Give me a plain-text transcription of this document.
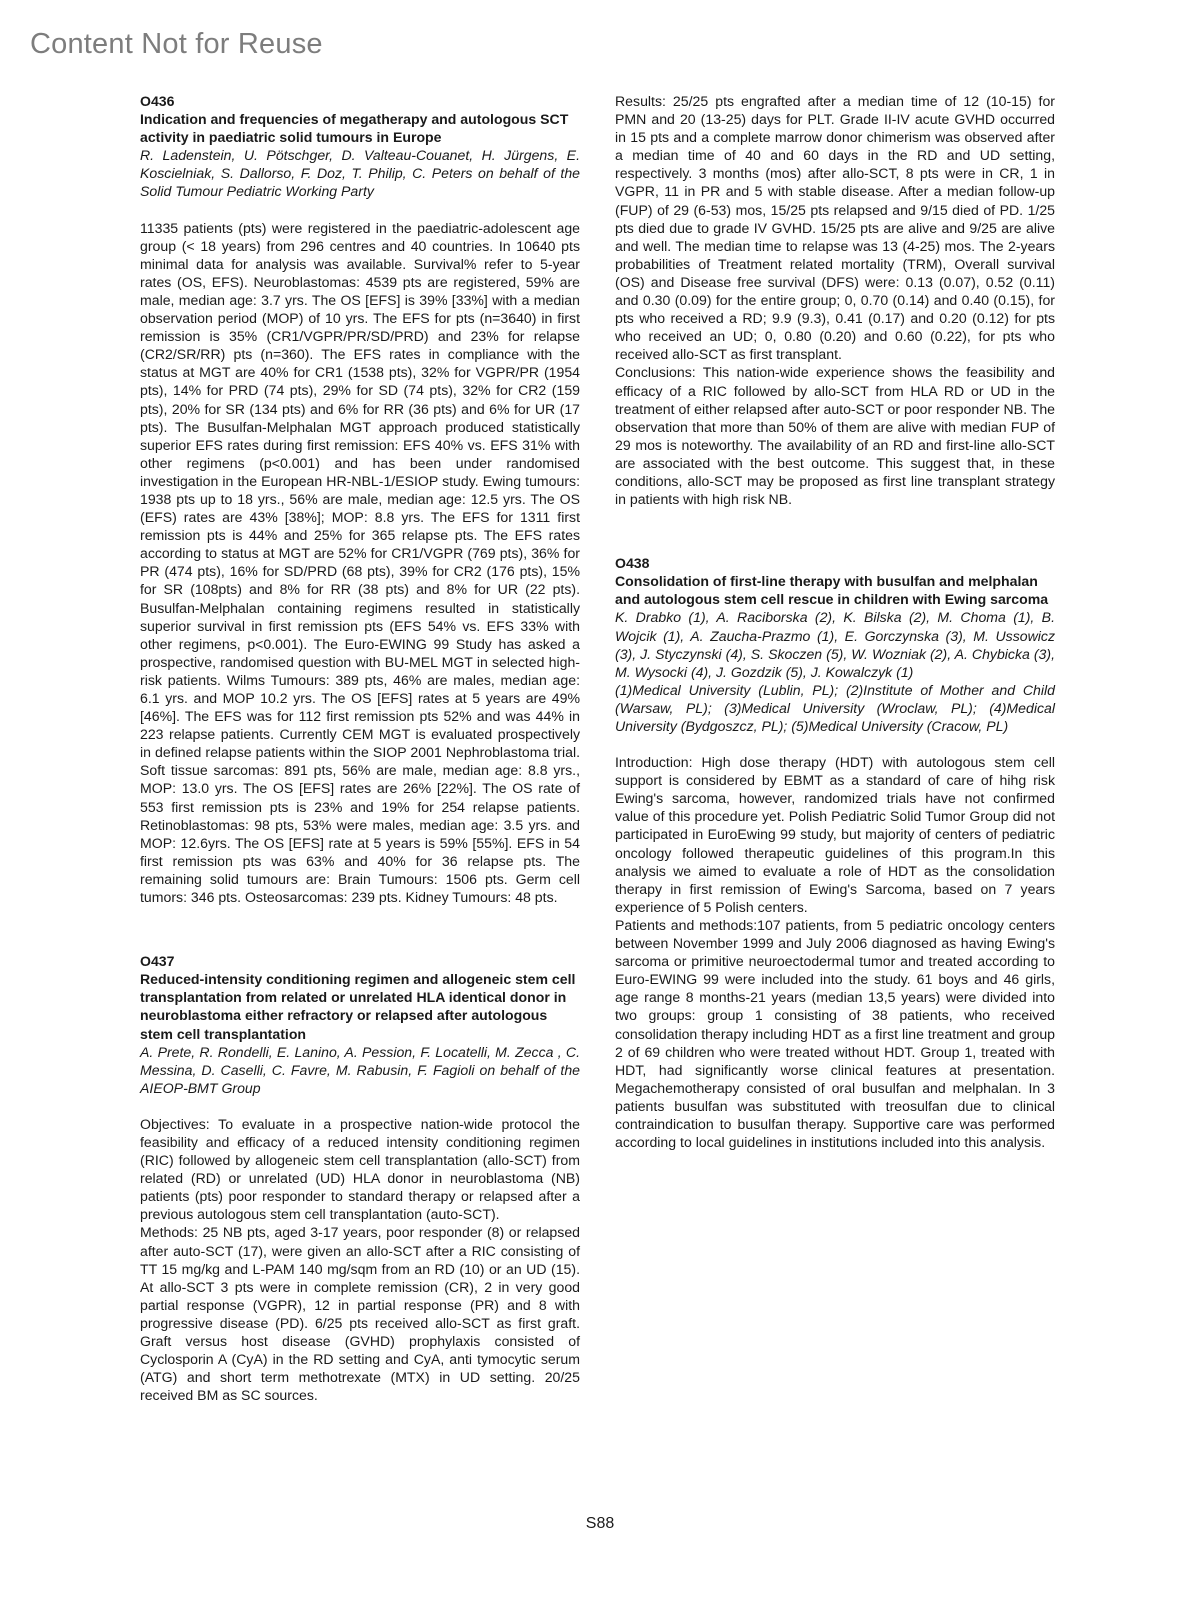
Content Not for Reuse

O436

Indication and frequencies of megatherapy and autologous SCT activity in paediatric solid tumours in Europe

R. Ladenstein, U. Pötschger, D. Valteau-Couanet, H. Jürgens, E. Koscielniak, S. Dallorso, F. Doz, T. Philip, C. Peters on behalf of the Solid Tumour Pediatric Working Party

11335 patients (pts) were registered in the paediatric-adolescent age group (< 18 years) from 296 centres and 40 countries. In 10640 pts minimal data for analysis was available. Survival% refer to 5-year rates (OS, EFS). Neuroblastomas: 4539 pts are registered, 59% are male, median age: 3.7 yrs. The OS [EFS] is 39% [33%] with a median observation period (MOP) of 10 yrs. The EFS for pts (n=3640) in first remission is 35% (CR1/VGPR/PR/SD/PRD) and 23% for relapse (CR2/SR/RR) pts (n=360). The EFS rates in compliance with the status at MGT are 40% for CR1 (1538 pts), 32% for VGPR/PR (1954 pts), 14% for PRD (74 pts), 29% for SD (74 pts), 32% for CR2 (159 pts), 20% for SR (134 pts) and 6% for RR (36 pts) and 6% for UR (17 pts). The Busulfan-Melphalan MGT approach produced statistically superior EFS rates during first remission: EFS 40% vs. EFS 31% with other regimens (p<0.001) and has been under randomised investigation in the European HR-NBL-1/ESIOP study. Ewing tumours: 1938 pts up to 18 yrs., 56% are male, median age: 12.5 yrs. The OS (EFS) rates are 43% [38%]; MOP: 8.8 yrs. The EFS for 1311 first remission pts is 44% and 25% for 365 relapse pts. The EFS rates according to status at MGT are 52% for CR1/VGPR (769 pts), 36% for PR (474 pts), 16% for SD/PRD (68 pts), 39% for CR2 (176 pts), 15% for SR (108pts) and 8% for RR (38 pts) and 8% for UR (22 pts). Busulfan-Melphalan containing regimens resulted in statistically superior survival in first remission pts (EFS 54% vs. EFS 33% with other regimens, p<0.001). The Euro-EWING 99 Study has asked a prospective, randomised question with BU-MEL MGT in selected high-risk patients. Wilms Tumours: 389 pts, 46% are males, median age: 6.1 yrs. and MOP 10.2 yrs. The OS [EFS] rates at 5 years are 49% [46%]. The EFS was for 112 first remission pts 52% and was 44% in 223 relapse patients. Currently CEM MGT is evaluated prospectively in defined relapse patients within the SIOP 2001 Nephroblastoma trial. Soft tissue sarcomas: 891 pts, 56% are male, median age: 8.8 yrs., MOP: 13.0 yrs. The OS [EFS] rates are 26% [22%]. The OS rate of 553 first remission pts is 23% and 19% for 254 relapse patients. Retinoblastomas: 98 pts, 53% were males, median age: 3.5 yrs. and MOP: 12.6yrs. The OS [EFS] rate at 5 years is 59% [55%]. EFS in 54 first remission pts was 63% and 40% for 36 relapse pts. The remaining solid tumours are: Brain Tumours: 1506 pts. Germ cell tumors: 346 pts. Osteosarcomas: 239 pts. Kidney Tumours: 48 pts.

O437

Reduced-intensity conditioning regimen and allogeneic stem cell transplantation from related or unrelated HLA identical donor in neuroblastoma either refractory or relapsed after autologous stem cell transplantation

A. Prete, R. Rondelli, E. Lanino, A. Pession, F. Locatelli, M. Zecca , C. Messina, D. Caselli, C. Favre, M. Rabusin, F. Fagioli on behalf of the AIEOP-BMT Group

Objectives: To evaluate in a prospective nation-wide protocol the feasibility and efficacy of a reduced intensity conditioning regimen (RIC) followed by allogeneic stem cell transplantation (allo-SCT) from related (RD) or unrelated (UD) HLA donor in neuroblastoma (NB) patients (pts) poor responder to standard therapy or relapsed after a previous autologous stem cell transplantation (auto-SCT).

Methods: 25 NB pts, aged 3-17 years, poor responder (8) or relapsed after auto-SCT (17), were given an allo-SCT after a RIC consisting of TT 15 mg/kg and L-PAM 140 mg/sqm from an RD (10) or an UD (15). At allo-SCT 3 pts were in complete remission (CR), 2 in very good partial response (VGPR), 12 in partial response (PR) and 8 with progressive disease (PD). 6/25 pts received allo-SCT as first graft. Graft versus host disease (GVHD) prophylaxis consisted of Cyclosporin A (CyA) in the RD setting and CyA, anti tymocytic serum (ATG) and short term methotrexate (MTX) in UD setting. 20/25 received BM as SC sources.

Results: 25/25 pts engrafted after a median time of 12 (10-15) for PMN and 20 (13-25) days for PLT. Grade II-IV acute GVHD occurred in 15 pts and a complete marrow donor chimerism was observed after a median time of 40 and 60 days in the RD and UD setting, respectively. 3 months (mos) after allo-SCT, 8 pts were in CR, 1 in VGPR, 11 in PR and 5 with stable disease. After a median follow-up (FUP) of 29 (6-53) mos, 15/25 pts relapsed and 9/15 died of PD. 1/25 pts died due to grade IV GVHD. 15/25 pts are alive and 9/25 are alive and well. The median time to relapse was 13 (4-25) mos. The 2-years probabilities of Treatment related mortality (TRM), Overall survival (OS) and Disease free survival (DFS) were: 0.13 (0.07), 0.52 (0.11) and 0.30 (0.09) for the entire group; 0, 0.70 (0.14) and 0.40 (0.15), for pts who received a RD; 9.9 (9.3), 0.41 (0.17) and 0.20 (0.12) for pts who received an UD; 0, 0.80 (0.20) and 0.60 (0.22), for pts who received allo-SCT as first transplant.

Conclusions: This nation-wide experience shows the feasibility and efficacy of a RIC followed by allo-SCT from HLA RD or UD in the treatment of either relapsed after auto-SCT or poor responder NB. The observation that more than 50% of them are alive with median FUP of 29 mos is noteworthy. The availability of an RD and first-line allo-SCT are associated with the best outcome. This suggest that, in these conditions, allo-SCT may be proposed as first line transplant strategy in patients with high risk NB.

O438

Consolidation of first-line therapy with busulfan and melphalan and autologous stem cell rescue in children with Ewing sarcoma

K. Drabko (1), A. Raciborska (2), K. Bilska (2), M. Choma (1), B. Wojcik (1), A. Zaucha-Prazmo (1), E. Gorczynska (3), M. Ussowicz (3), J. Styczynski (4), S. Skoczen (5), W. Wozniak (2), A. Chybicka (3), M. Wysocki (4), J. Gozdzik (5), J. Kowalczyk (1)

(1)Medical University (Lublin, PL); (2)Institute of Mother and Child (Warsaw, PL); (3)Medical University (Wroclaw, PL); (4)Medical University (Bydgoszcz, PL); (5)Medical University (Cracow, PL)

Introduction: High dose therapy (HDT) with autologous stem cell support is considered by EBMT as a standard of care of hihg risk Ewing's sarcoma, however, randomized trials have not confirmed value of this procedure yet. Polish Pediatric Solid Tumor Group did not participated in EuroEwing 99 study, but majority of centers of pediatric oncology followed therapeutic guidelines of this program.In this analysis we aimed to evaluate a role of HDT as the consolidation therapy in first remission of Ewing's Sarcoma, based on 7 years experience of 5 Polish centers.

Patients and methods:107 patients, from 5 pediatric oncology centers between November 1999 and July 2006 diagnosed as having Ewing's sarcoma or primitive neuroectodermal tumor and treated according to Euro-EWING 99 were included into the study. 61 boys and 46 girls, age range 8 months-21 years (median 13,5 years) were divided into two groups: group 1 consisting of 38 patients, who received consolidation therapy including HDT as a first line treatment and group 2 of 69 children who were treated without HDT. Group 1, treated with HDT, had significantly worse clinical features at presentation. Megachemotherapy consisted of oral busulfan and melphalan. In 3 patients busulfan was substituted with treosulfan due to clinical contraindication to busulfan therapy. Supportive care was performed according to local guidelines in institutions included into this analysis.

S88
